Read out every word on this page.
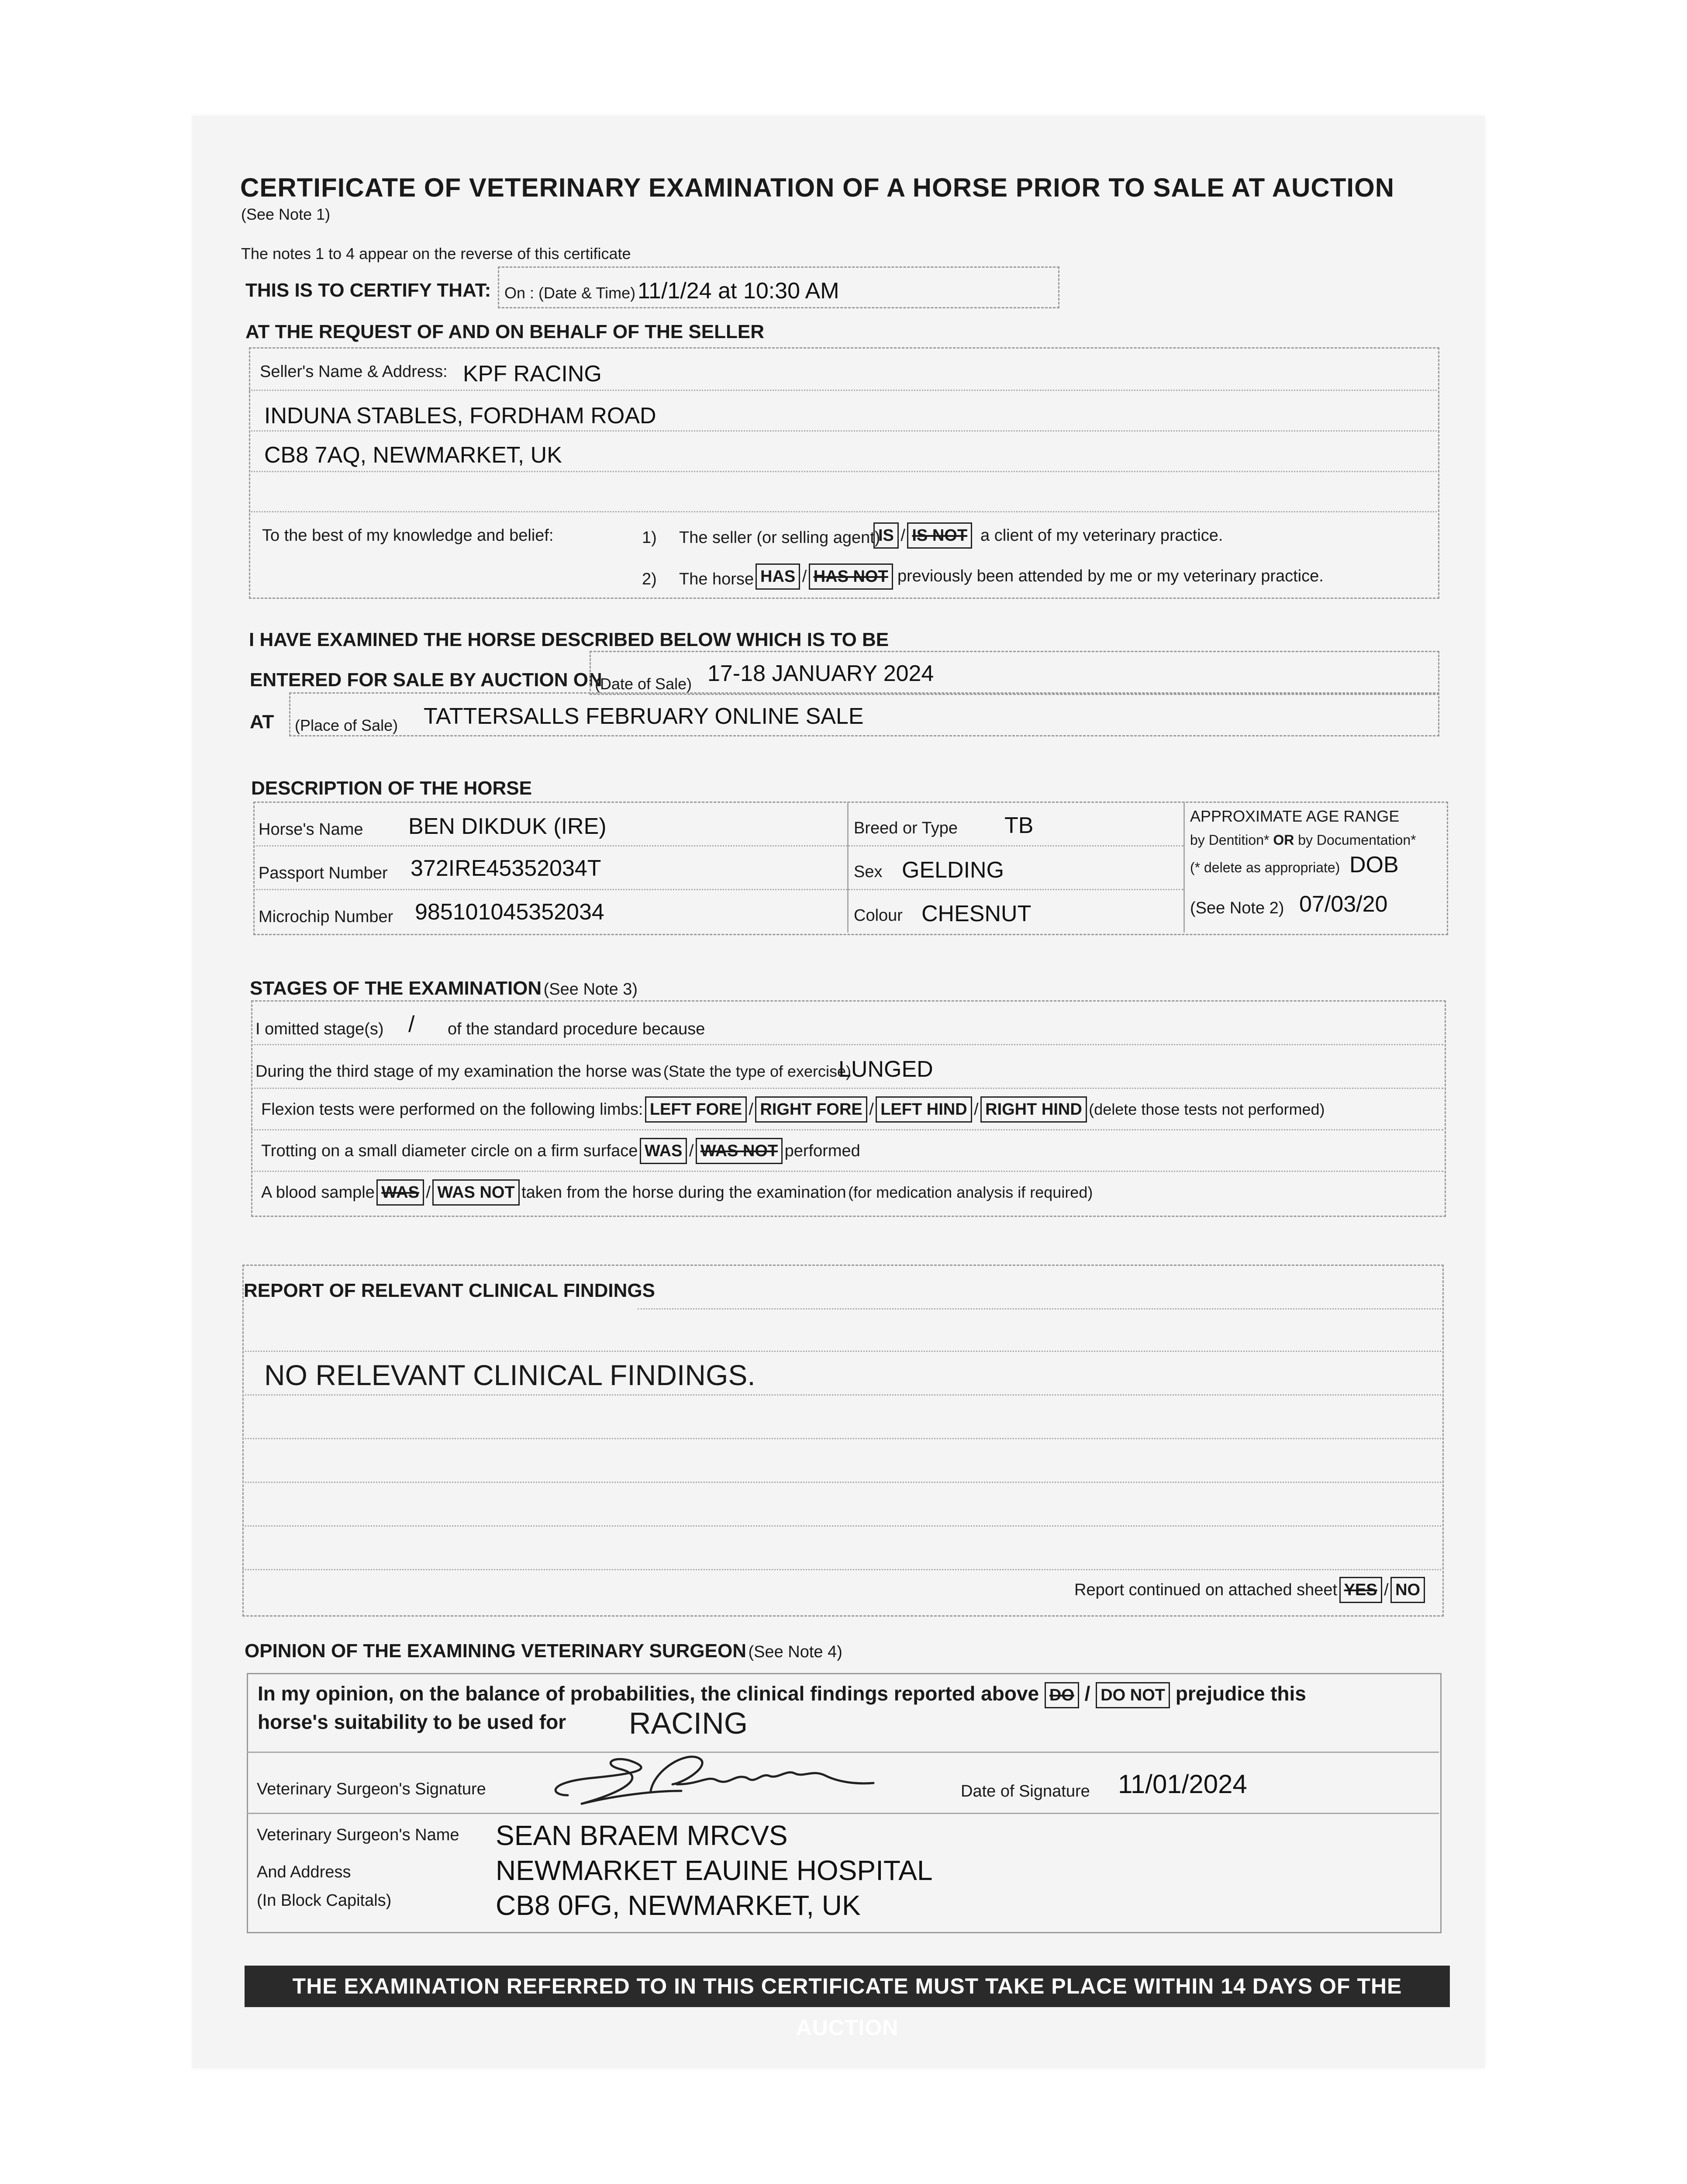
CERTIFICATE OF VETERINARY EXAMINATION OF A HORSE PRIOR TO SALE AT AUCTION
(See Note 1)
The notes 1 to 4 appear on the reverse of this certificate
THIS IS TO CERTIFY THAT: On : (Date & Time) 11/1/24 at 10:30 AM
AT THE REQUEST OF AND ON BEHALF OF THE SELLER
Seller's Name & Address: KPF RACING
INDUNA STABLES, FORDHAM ROAD
CB8 7AQ, NEWMARKET, UK
To the best of my knowledge and belief:	1) The seller (or selling agent)
IS / IS NOT a client of my veterinary practice.
2) The horse HAS / HAS NOT previously been attended by me or my veterinary practice.
I HAVE EXAMINED THE HORSE DESCRIBED BELOW WHICH IS TO BE
ENTERED FOR SALE BY AUCTION ON
(Date of Sale) 17-18 JANUARY 2024
AT (Place of Sale) TATTERSALLS FEBRUARY ONLINE SALE
DESCRIPTION OF THE HORSE
Horse's Name BEN DIKDUK (IRE)
Passport Number 372IRE45352034T
Microchip Number 985101045352034
Breed or Type TB
Sex GELDING
Colour CHESNUT
APPROXIMATE AGE RANGE
by Dentition* OR by Documentation*
(* delete as appropriate) DOB
(See Note 2) 07/03/20
STAGES OF THE EXAMINATION (See Note 3)
I omitted stage(s) / of the standard procedure because
During the third stage of my examination the horse was (State the type of exercise)
LUNGED
Flexion tests were performed on the following limbs: LEFT FORE / RIGHT FORE / LEFT HIND / RIGHT HIND (delete those tests not performed)
Trotting on a small diameter circle on a firm surface WAS / WAS NOT performed
A blood sample WAS / WAS NOT taken from the horse during the examination (for medication analysis if required)
REPORT OF RELEVANT CLINICAL FINDINGS
NO RELEVANT CLINICAL FINDINGS.
Report continued on attached sheet YES / NO
OPINION OF THE EXAMINING VETERINARY SURGEON (See Note 4)
In my opinion, on the balance of probabilities, the clinical findings reported above DO / DO NOT prejudice this
horse's suitability to be used for RACING
Veterinary Surgeon's Signature	Date of Signature 11/01/2024
Veterinary Surgeon's Name
And Address
(In Block Capitals)
SEAN BRAEM MRCVS
NEWMARKET EAUINE HOSPITAL
CB8 0FG, NEWMARKET, UK
THE EXAMINATION REFERRED TO IN THIS CERTIFICATE MUST TAKE PLACE WITHIN 14 DAYS OF THE AUCTION
